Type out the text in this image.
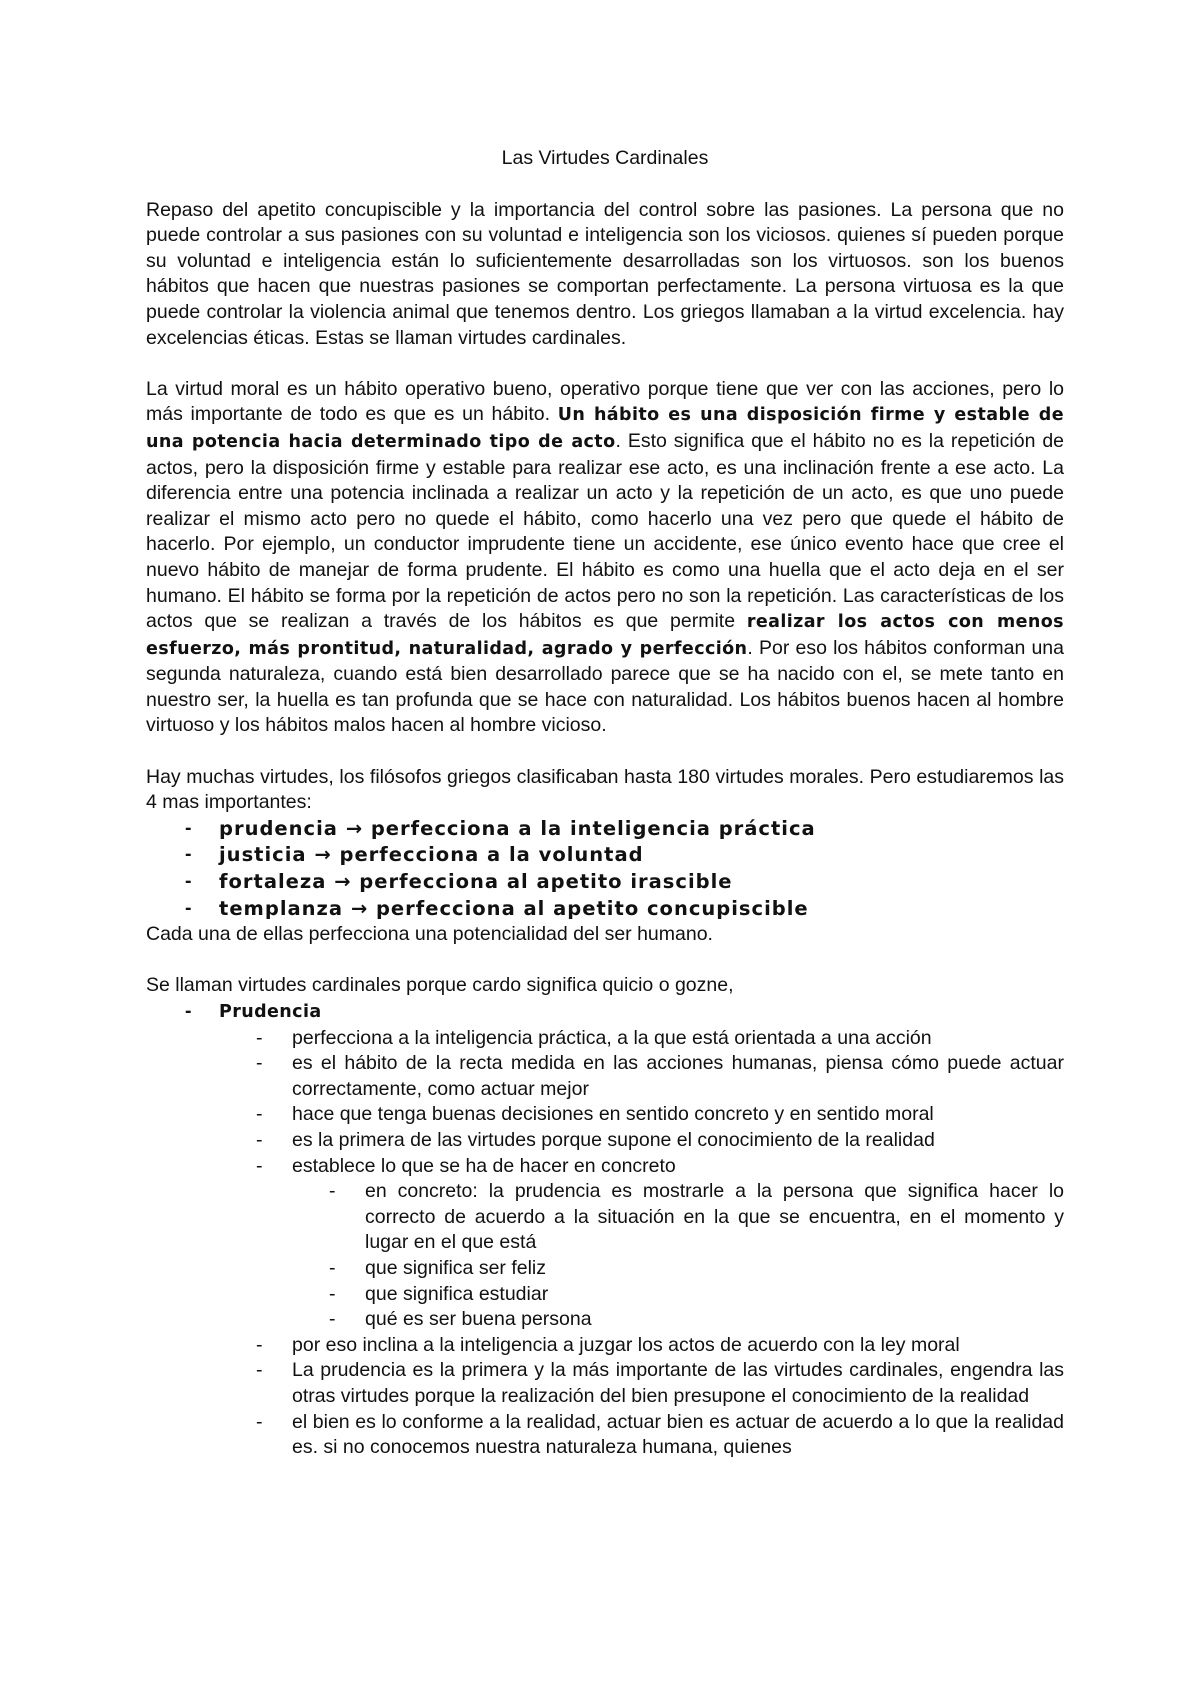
Las Virtudes Cardinales

Repaso del apetito concupiscible y la importancia del control sobre las pasiones. La persona que no puede controlar a sus pasiones con su voluntad e inteligencia son los viciosos. quienes sí pueden porque su voluntad e inteligencia están lo suficientemente desarrolladas son los virtuosos. son los buenos hábitos que hacen que nuestras pasiones se comportan perfectamente. La persona virtuosa es la que puede controlar la violencia animal que tenemos dentro. Los griegos llamaban a la virtud excelencia. hay excelencias éticas. Estas se llaman virtudes cardinales.

La virtud moral es un hábito operativo bueno, operativo porque tiene que ver con las acciones, pero lo más importante de todo es que es un hábito. Un hábito es una disposición firme y estable de una potencia hacia determinado tipo de acto. Esto significa que el hábito no es la repetición de actos, pero la disposición firme y estable para realizar ese acto, es una inclinación frente a ese acto. La diferencia entre una potencia inclinada a realizar un acto y la repetición de un acto, es que uno puede realizar el mismo acto pero no quede el hábito, como hacerlo una vez pero que quede el hábito de hacerlo. Por ejemplo, un conductor imprudente tiene un accidente, ese único evento hace que cree el nuevo hábito de manejar de forma prudente. El hábito es como una huella que el acto deja en el ser humano. El hábito se forma por la repetición de actos pero no son la repetición. Las características de los actos que se realizan a través de los hábitos es que permite realizar los actos con menos esfuerzo, más prontitud, naturalidad, agrado y perfección. Por eso los hábitos conforman una segunda naturaleza, cuando está bien desarrollado parece que se ha nacido con el, se mete tanto en nuestro ser, la huella es tan profunda que se hace con naturalidad. Los hábitos buenos hacen al hombre virtuoso y los hábitos malos hacen al hombre vicioso.

Hay muchas virtudes, los filósofos griegos clasificaban hasta 180 virtudes morales. Pero estudiaremos las 4 mas importantes:

- prudencia → perfecciona a la inteligencia práctica
- justicia → perfecciona a la voluntad
- fortaleza → perfecciona al apetito irascible
- templanza → perfecciona al apetito concupiscible

Cada una de ellas perfecciona una potencialidad del ser humano.

Se llaman virtudes cardinales porque cardo significa quicio o gozne,

- Prudencia
- perfecciona a la inteligencia práctica, a la que está orientada a una acción
- es el hábito de la recta medida en las acciones humanas, piensa cómo puede actuar correctamente, como actuar mejor
- hace que tenga buenas decisiones en sentido concreto y en sentido moral
- es la primera de las virtudes porque supone el conocimiento de la realidad
- establece lo que se ha de hacer en concreto
- en concreto: la prudencia es mostrarle a la persona que significa hacer lo correcto de acuerdo a la situación en la que se encuentra, en el momento y lugar en el que está
- que significa ser feliz
- que significa estudiar
- qué es ser buena persona
- por eso inclina a la inteligencia a juzgar los actos de acuerdo con la ley moral
- La prudencia es la primera y la más importante de las virtudes cardinales, engendra las otras virtudes porque la realización del bien presupone el conocimiento de la realidad
- el bien es lo conforme a la realidad, actuar bien es actuar de acuerdo a lo que la realidad es. si no conocemos nuestra naturaleza humana, quienes
